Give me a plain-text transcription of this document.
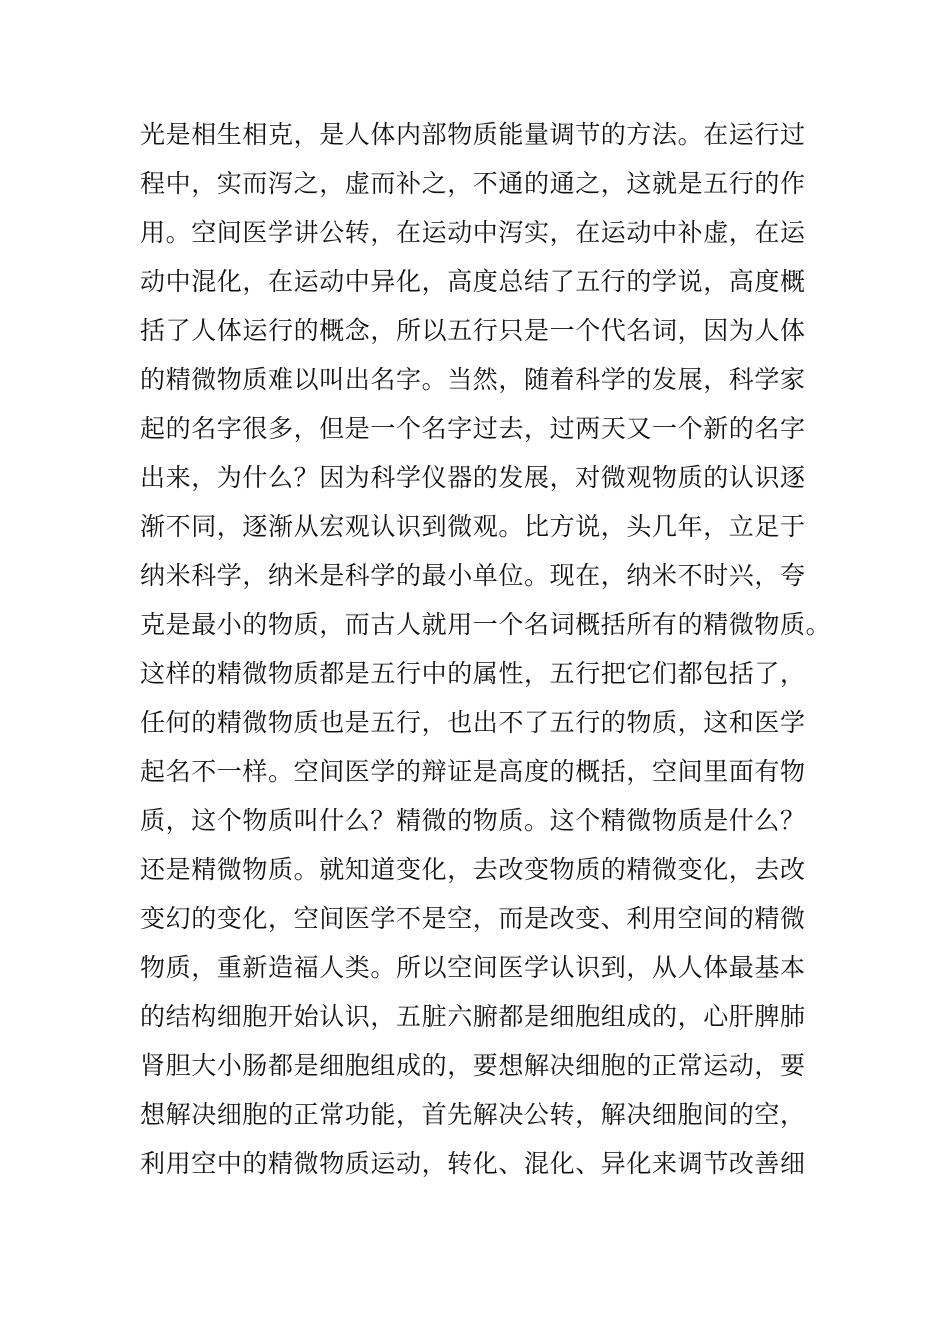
光是相生相克，是人体内部物质能量调节的方法。在运行过
程中，实而泻之，虚而补之，不通的通之，这就是五行的作
用。空间医学讲公转，在运动中泻实，在运动中补虚，在运
动中混化，在运动中异化，高度总结了五行的学说，高度概
括了人体运行的概念，所以五行只是一个代名词，因为人体
的精微物质难以叫出名字。当然，随着科学的发展，科学家
起的名字很多，但是一个名字过去，过两天又一个新的名字
出来，为什么？因为科学仪器的发展，对微观物质的认识逐
渐不同，逐渐从宏观认识到微观。比方说，头几年，立足于
纳米科学，纳米是科学的最小单位。现在，纳米不时兴，夸
克是最小的物质，而古人就用一个名词概括所有的精微物质。
这样的精微物质都是五行中的属性，五行把它们都包括了，
任何的精微物质也是五行，也出不了五行的物质，这和医学
起名不一样。空间医学的辩证是高度的概括，空间里面有物
质，这个物质叫什么？精微的物质。这个精微物质是什么？
还是精微物质。就知道变化，去改变物质的精微变化，去改
变幻的变化，空间医学不是空，而是改变、利用空间的精微
物质，重新造福人类。所以空间医学认识到，从人体最基本
的结构细胞开始认识，五脏六腑都是细胞组成的，心肝脾肺
肾胆大小肠都是细胞组成的，要想解决细胞的正常运动，要
想解决细胞的正常功能，首先解决公转，解决细胞间的空，
利用空中的精微物质运动，转化、混化、异化来调节改善细
